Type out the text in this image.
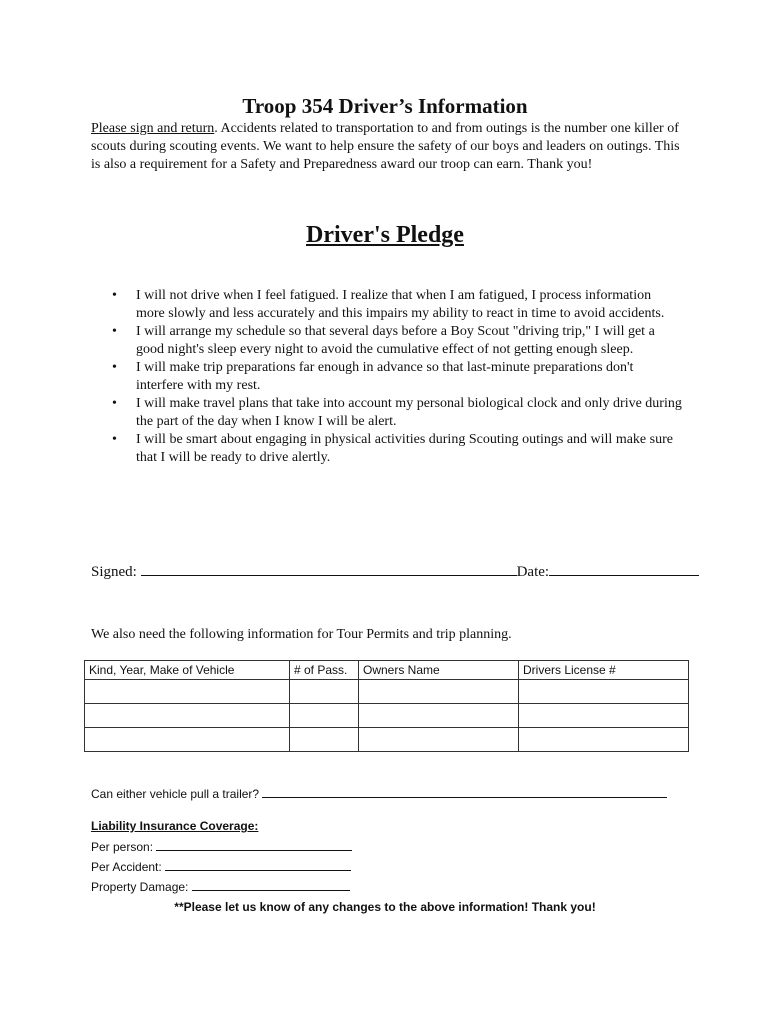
Troop 354 Driver’s Information
Please sign and return. Accidents related to transportation to and from outings is the number one killer of scouts during scouting events. We want to help ensure the safety of our boys and leaders on outings. This is also a requirement for a Safety and Preparedness award our troop can earn. Thank you!
Driver's Pledge
• I will not drive when I feel fatigued. I realize that when I am fatigued, I process information more slowly and less accurately and this impairs my ability to react in time to avoid accidents.
• I will arrange my schedule so that several days before a Boy Scout "driving trip," I will get a good night's sleep every night to avoid the cumulative effect of not getting enough sleep.
• I will make trip preparations far enough in advance so that last-minute preparations don't interfere with my rest.
• I will make travel plans that take into account my personal biological clock and only drive during the part of the day when I know I will be alert.
• I will be smart about engaging in physical activities during Scouting outings and will make sure that I will be ready to drive alertly.
Signed:	Date:
We also need the following information for Tour Permits and trip planning.
Kind, Year, Make of Vehicle	# of Pass.	Owners Name	Drivers License #

Can either vehicle pull a trailer?
Liability Insurance Coverage:
Per person:
Per Accident:
Property Damage:
**Please let us know of any changes to the above information! Thank you!
